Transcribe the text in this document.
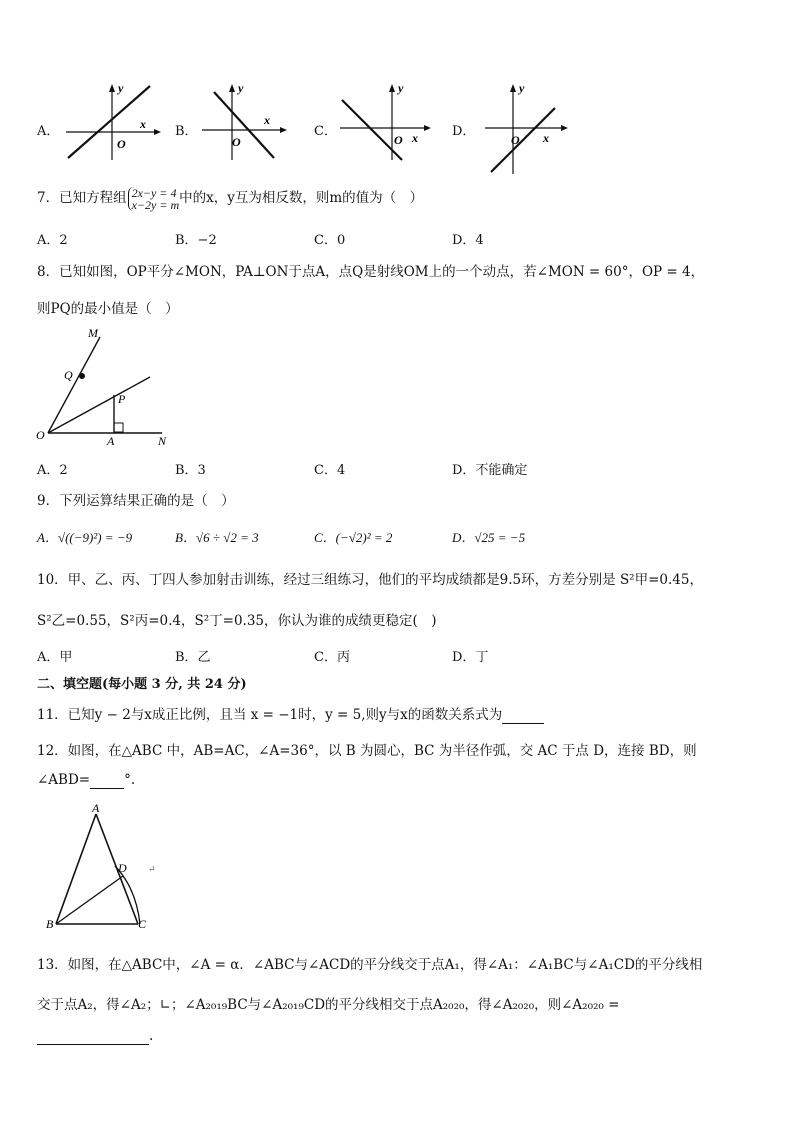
A．
y
x
O
B．
y
x
O
C．
y
x
O
D．
y
x
O
7．已知方程组 2x−y = 4
x−2y = m中的x，y互为相反数，则m的值为（　）
A．2	B．−2	C．0	D．4
8．已知如图，OP平分∠MON，PA⊥ON于点A，点Q是射线OM上的一个动点，若∠MON = 60°，OP = 4，
则PQ的最小值是（　）
M
Q
P
O	A	N
A．2	B．3	C．4	D．不能确定
9．下列运算结果正确的是（　）
A．√((−9)²) = −9	B．√6 ÷ √2 = 3	C．(−√2)² = 2	D．√25 = −5
10．甲、乙、丙、丁四人参加射击训练，经过三组练习，他们的平均成绩都是9.5环，方差分别是 S²甲=0.45，
S²乙=0.55，S²丙=0.4，S²丁=0.35，你认为谁的成绩更稳定(　)
A．甲	B．乙	C．丙	D．丁
二、填空题(每小题 3 分, 共 24 分)
11．已知y − 2与x成正比例，且当 x = −1时，y = 5,则y与x的函数关系式为
12．如图，在△ABC 中，AB=AC，∠A=36°，以 B 为圆心，BC 为半径作弧，交 AC 于点 D，连接 BD，则
∠ABD=	°.
A
B	C
D ↵
13．如图，在△ABC中，∠A = α．∠ABC与∠ACD的平分线交于点A₁，得∠A₁：∠A₁BC与∠A₁CD的平分线相
交于点A₂，得∠A₂；∟；∠A₂₀₁₉BC与∠A₂₀₁₉CD的平分线相交于点A₂₀₂₀，得∠A₂₀₂₀，则∠A₂₀₂₀ =
.
